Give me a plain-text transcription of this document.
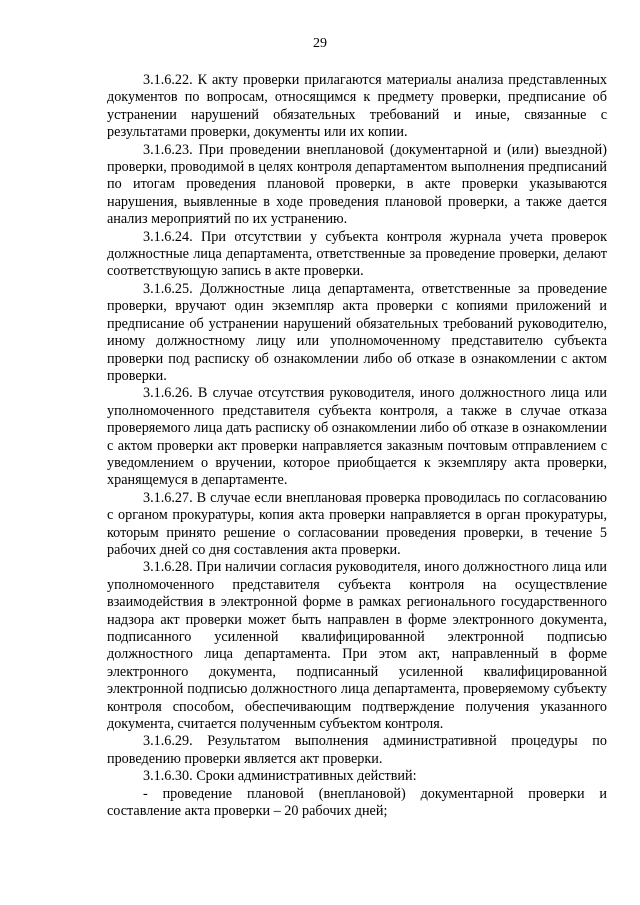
29

3.1.6.22. К акту проверки прилагаются материалы анализа представленных документов по вопросам, относящимся к предмету проверки, предписание об устранении нарушений обязательных требований и иные, связанные с результатами проверки, документы или их копии.

3.1.6.23. При проведении внеплановой (документарной и (или) выездной) проверки, проводимой в целях контроля департаментом выполнения предписаний по итогам проведения плановой проверки, в акте проверки указываются нарушения, выявленные в ходе проведения плановой проверки, а также дается анализ мероприятий по их устранению.

3.1.6.24. При отсутствии у субъекта контроля журнала учета проверок должностные лица департамента, ответственные за проведение проверки, делают соответствующую запись в акте проверки.

3.1.6.25. Должностные лица департамента, ответственные за проведение проверки, вручают один экземпляр акта проверки с копиями приложений и предписание об устранении нарушений обязательных требований руководителю, иному должностному лицу или уполномоченному представителю субъекта проверки под расписку об ознакомлении либо об отказе в ознакомлении с актом проверки.

3.1.6.26. В случае отсутствия руководителя, иного должностного лица или уполномоченного представителя субъекта контроля, а также в случае отказа проверяемого лица дать расписку об ознакомлении либо об отказе в ознакомлении с актом проверки акт проверки направляется заказным почтовым отправлением с уведомлением о вручении, которое приобщается к экземпляру акта проверки, хранящемуся в департаменте.

3.1.6.27. В случае если внеплановая проверка проводилась по согласованию с органом прокуратуры, копия акта проверки направляется в орган прокуратуры, которым принято решение о согласовании проведения проверки, в течение 5 рабочих дней со дня составления акта проверки.

3.1.6.28. При наличии согласия руководителя, иного должностного лица или уполномоченного представителя субъекта контроля на осуществление взаимодействия в электронной форме в рамках регионального государственного надзора акт проверки может быть направлен в форме электронного документа, подписанного усиленной квалифицированной электронной подписью должностного лица департамента. При этом акт, направленный в форме электронного документа, подписанный усиленной квалифицированной электронной подписью должностного лица департамента, проверяемому субъекту контроля способом, обеспечивающим подтверждение получения указанного документа, считается полученным субъектом контроля.

3.1.6.29. Результатом выполнения административной процедуры по проведению проверки является акт проверки.

3.1.6.30. Сроки административных действий:

- проведение плановой (внеплановой) документарной проверки и составление акта проверки – 20 рабочих дней;
